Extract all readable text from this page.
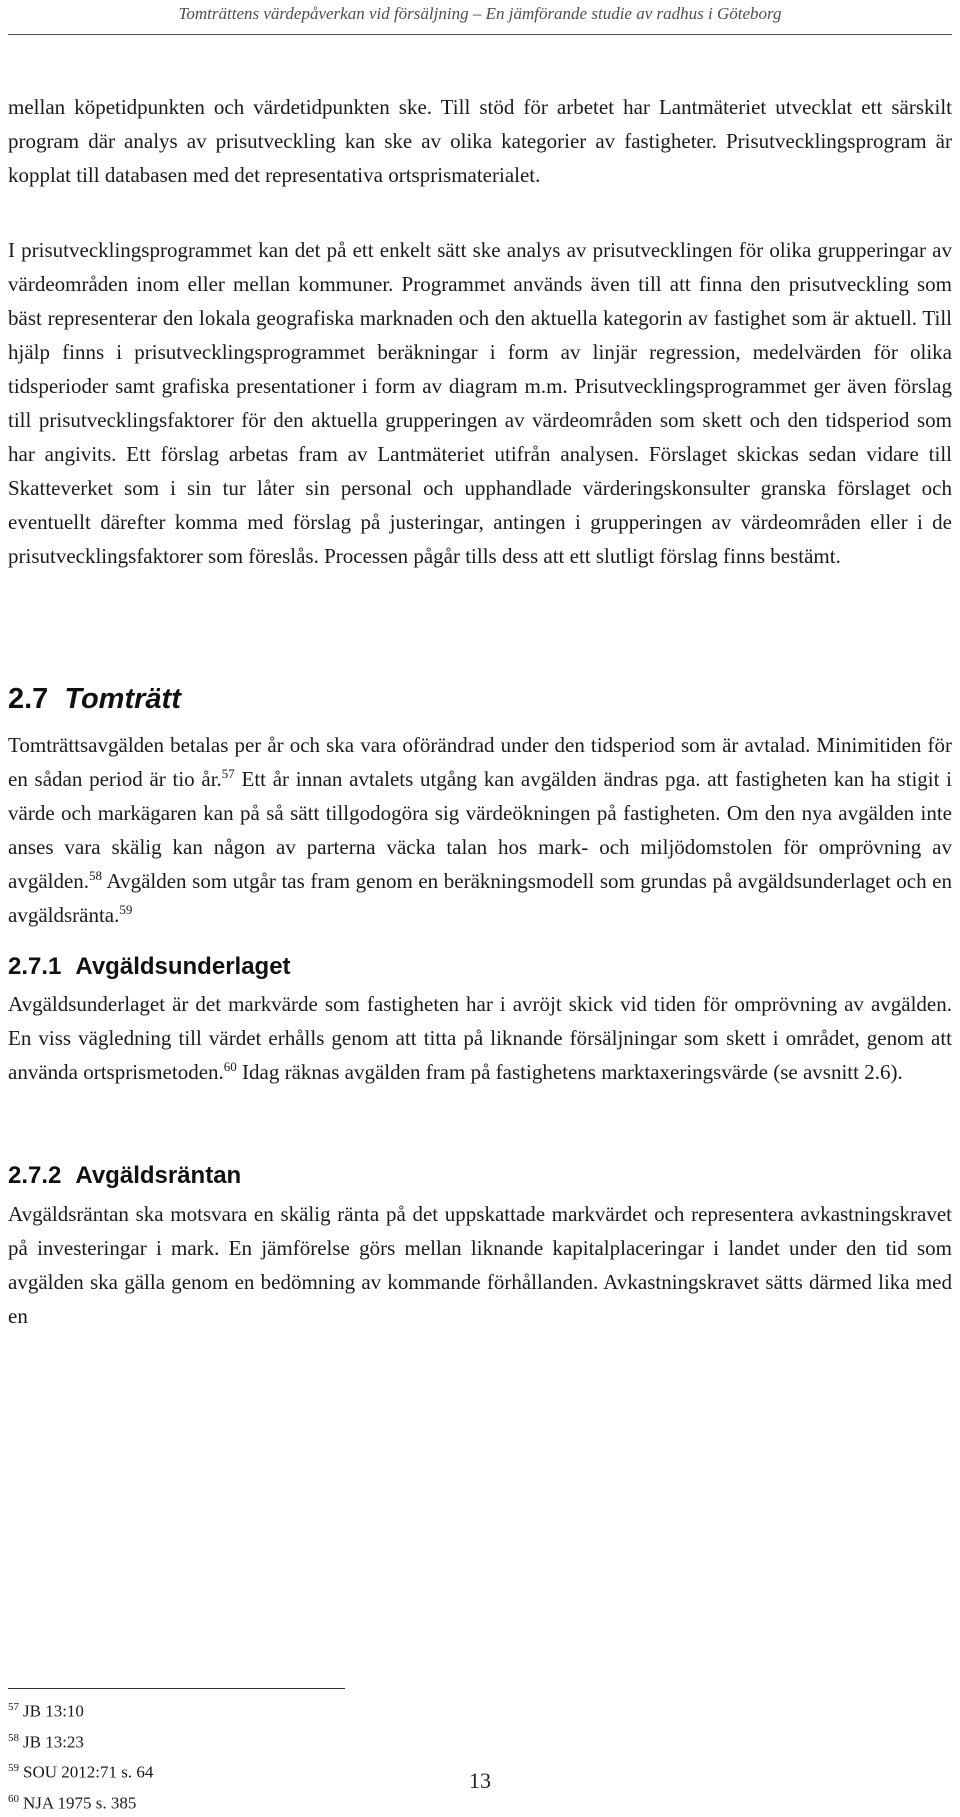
Tomträttens värdepåverkan vid försäljning – En jämförande studie av radhus i Göteborg

mellan köpetidpunkten och värdetidpunkten ske. Till stöd för arbetet har Lantmäteriet utvecklat ett särskilt program där analys av prisutveckling kan ske av olika kategorier av fastigheter. Prisutvecklingsprogram är kopplat till databasen med det representativa ortsprismaterialet.

I prisutvecklingsprogrammet kan det på ett enkelt sätt ske analys av prisutvecklingen för olika grupperingar av värdeområden inom eller mellan kommuner. Programmet används även till att finna den prisutveckling som bäst representerar den lokala geografiska marknaden och den aktuella kategorin av fastighet som är aktuell. Till hjälp finns i prisutvecklingsprogrammet beräkningar i form av linjär regression, medelvärden för olika tidsperioder samt grafiska presentationer i form av diagram m.m. Prisutvecklingsprogrammet ger även förslag till prisutvecklingsfaktorer för den aktuella grupperingen av värdeområden som skett och den tidsperiod som har angivits. Ett förslag arbetas fram av Lantmäteriet utifrån analysen. Förslaget skickas sedan vidare till Skatteverket som i sin tur låter sin personal och upphandlade värderingskonsulter granska förslaget och eventuellt därefter komma med förslag på justeringar, antingen i grupperingen av värdeområden eller i de prisutvecklingsfaktorer som föreslås. Processen pågår tills dess att ett slutligt förslag finns bestämt.

2.7 Tomträtt

Tomträttsavgälden betalas per år och ska vara oförändrad under den tidsperiod som är avtalad. Minimitiden för en sådan period är tio år.$^{57}$ Ett år innan avtalets utgång kan avgälden ändras pga. att fastigheten kan ha stigit i värde och markägaren kan på så sätt tillgodogöra sig värdeökningen på fastigheten. Om den nya avgälden inte anses vara skälig kan någon av parterna väcka talan hos mark- och miljödomstolen för omprövning av avgälden.$^{58}$ Avgälden som utgår tas fram genom en beräkningsmodell som grundas på avgäldsunderlaget och en avgäldsränta.$^{59}$

2.7.1 Avgäldsunderlaget

Avgäldsunderlaget är det markvärde som fastigheten har i avröjt skick vid tiden för omprövning av avgälden. En viss vägledning till värdet erhålls genom att titta på liknande försäljningar som skett i området, genom att använda ortsprismetoden.$^{60}$ Idag räknas avgälden fram på fastighetens marktaxeringsvärde (se avsnitt 2.6).

2.7.2 Avgäldsräntan

Avgäldsräntan ska motsvara en skälig ränta på det uppskattade markvärdet och representera avkastningskravet på investeringar i mark. En jämförelse görs mellan liknande kapitalplaceringar i landet under den tid som avgälden ska gälla genom en bedömning av kommande förhållanden. Avkastningskravet sätts därmed lika med en

$^{57}$ JB 13:10
$^{58}$ JB 13:23
$^{59}$ SOU 2012:71 s. 64
$^{60}$ NJA 1975 s. 385
13
